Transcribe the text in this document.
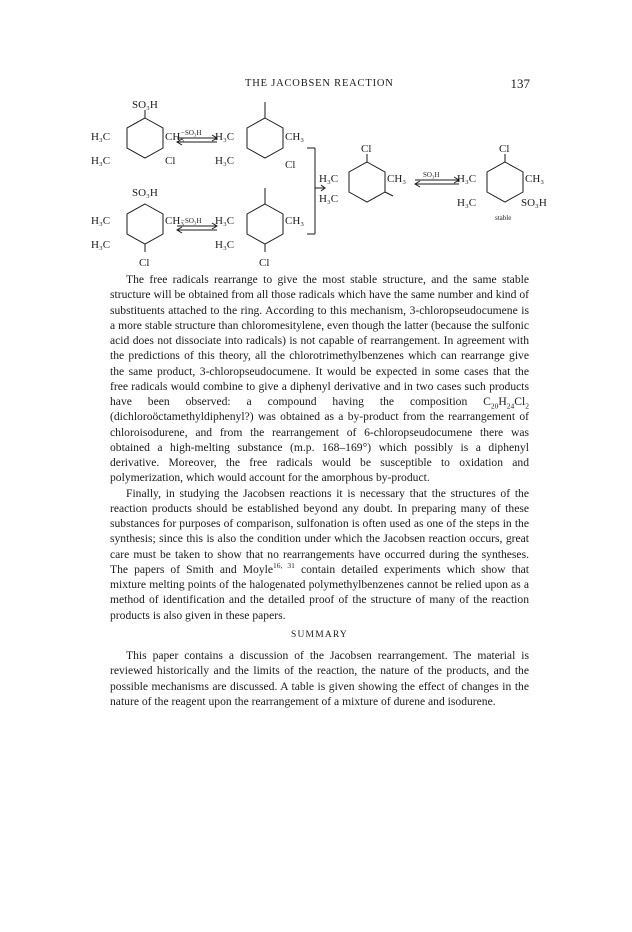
THE JACOBSEN REACTION	137
SO₃H
H₃C	CH₃
H₃C	Cl
H₃C	CH₃
H₃C	Cl
SO₃H
H₃C	CH₃
H₃C
Cl
H₃C	CH₃
H₃C
Cl
Cl
H₃C	CH₃
H₃C
Cl
H₃C	CH₃
H₃C	SO₃H
−SO₃H
−SO₃H
SO₃H
stable

The free radicals rearrange to give the most stable structure, and the same stable structure will be obtained from all those radicals which have the same number and kind of substituents attached to the ring. According to this mechanism, 3-chloropseudocumene is a more stable structure than chloromesitylene, even though the latter (because the sulfonic acid does not dissociate into radicals) is not capable of rearrangement. In agreement with the predictions of this theory, all the chlorotrimethylbenzenes which can rearrange give the same product, 3-chloropseudocumene. It would be expected in some cases that the free radicals would combine to give a diphenyl derivative and in two cases such products have been observed: a compound having the composition $C_{20}H_{24}Cl_2$ (dichloroöctamethyldiphenyl?) was obtained as a by-product from the rearrangement of chloroisodurene, and from the rearrangement of 6-chloropseudocumene there was obtained a high-melting substance (m.p. 168–169°) which possibly is a diphenyl derivative. Moreover, the free radicals would be susceptible to oxidation and polymerization, which would account for the amorphous by-product.

Finally, in studying the Jacobsen reactions it is necessary that the structures of the reaction products should be established beyond any doubt. In preparing many of these substances for purposes of comparison, sulfonation is often used as one of the steps in the synthesis; since this is also the condition under which the Jacobsen reaction occurs, great care must be taken to show that no rearrangements have occurred during the syntheses. The papers of Smith and Moyle$^{16, 31}$ contain detailed experiments which show that mixture melting points of the halogenated polymethylbenzenes cannot be relied upon as a method of identification and the detailed proof of the structure of many of the reaction products is also given in these papers.

SUMMARY

This paper contains a discussion of the Jacobsen rearrangement. The material is reviewed historically and the limits of the reaction, the nature of the products, and the possible mechanisms are discussed. A table is given showing the effect of changes in the nature of the reagent upon the rearrangement of a mixture of durene and isodurene.
